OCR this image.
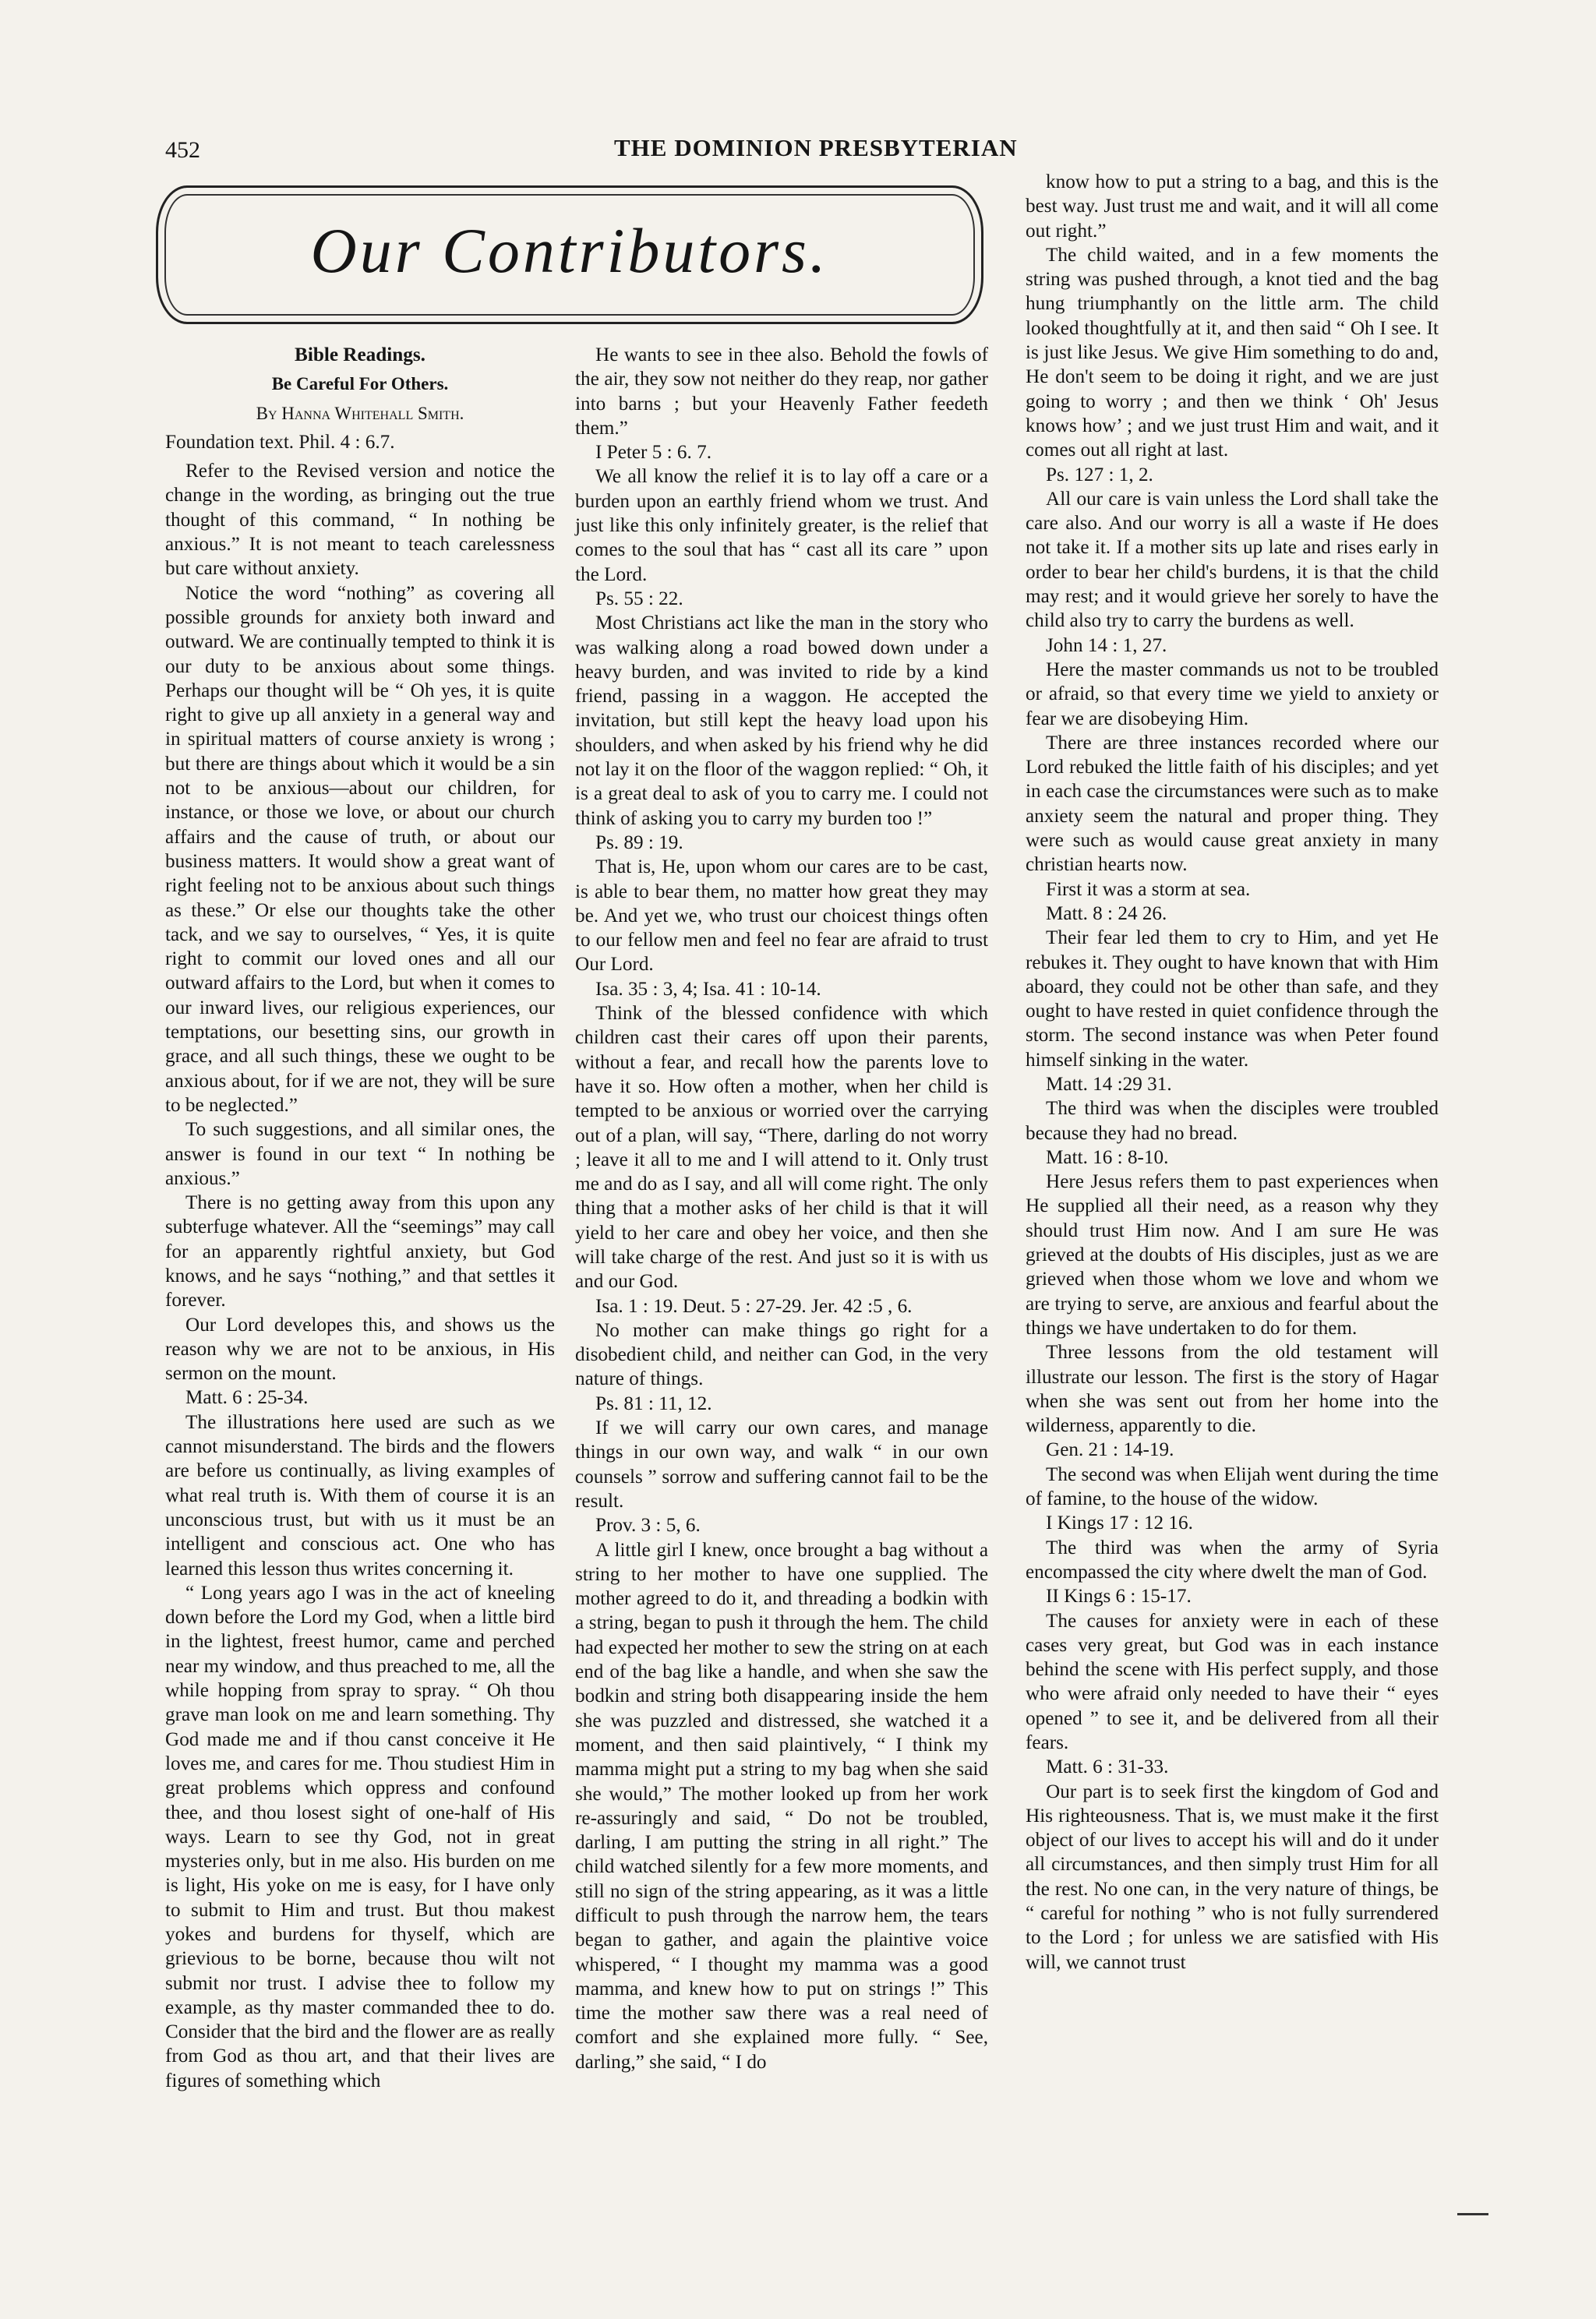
452	THE DOMINION PRESBYTERIAN
Our Contributors.

Bible Readings.

Be Careful For Others.

By Hanna Whitehall Smith.

Foundation text. Phil. 4 : 6.7.

Refer to the Revised version and notice the change in the wording, as bringing out the true thought of this command, “ In nothing be anxious.” It is not meant to teach carelessness but care without anxiety.

Notice the word “nothing” as covering all possible grounds for anxiety both inward and outward. We are continually tempted to think it is our duty to be anxious about some things. Perhaps our thought will be “ Oh yes, it is quite right to give up all anxiety in a general way and in spiritual matters of course anxiety is wrong ; but there are things about which it would be a sin not to be anxious—about our children, for instance, or those we love, or about our church affairs and the cause of truth, or about our business matters. It would show a great want of right feeling not to be anxious about such things as these.” Or else our thoughts take the other tack, and we say to ourselves, “ Yes, it is quite right to commit our loved ones and all our outward affairs to the Lord, but when it comes to our inward lives, our religious experiences, our temptations, our besetting sins, our growth in grace, and all such things, these we ought to be anxious about, for if we are not, they will be sure to be neglected.”

To such suggestions, and all similar ones, the answer is found in our text “ In nothing be anxious.”

There is no getting away from this upon any subterfuge whatever. All the “seemings” may call for an apparently rightful anxiety, but God knows, and he says “nothing,” and that settles it forever.

Our Lord developes this, and shows us the reason why we are not to be anxious, in His sermon on the mount.

Matt. 6 : 25-34.

The illustrations here used are such as we cannot misunderstand. The birds and the flowers are before us continually, as living examples of what real truth is. With them of course it is an unconscious trust, but with us it must be an intelligent and conscious act. One who has learned this lesson thus writes concerning it.

“ Long years ago I was in the act of kneeling down before the Lord my God, when a little bird in the lightest, freest humor, came and perched near my window, and thus preached to me, all the while hopping from spray to spray. “ Oh thou grave man look on me and learn something. Thy God made me and if thou canst conceive it He loves me, and cares for me. Thou studiest Him in great problems which oppress and confound thee, and thou losest sight of one-half of His ways. Learn to see thy God, not in great mysteries only, but in me also. His burden on me is light, His yoke on me is easy, for I have only to submit to Him and trust. But thou makest yokes and burdens for thyself, which are grievious to be borne, because thou wilt not submit nor trust. I advise thee to follow my example, as thy master commanded thee to do. Consider that the bird and the flower are as really from God as thou art, and that their lives are figures of something which

He wants to see in thee also. Behold the fowls of the air, they sow not neither do they reap, nor gather into barns ; but your Heavenly Father feedeth them.”

I Peter 5 : 6. 7.

We all know the relief it is to lay off a care or a burden upon an earthly friend whom we trust. And just like this only infinitely greater, is the relief that comes to the soul that has “ cast all its care ” upon the Lord.

Ps. 55 : 22.

Most Christians act like the man in the story who was walking along a road bowed down under a heavy burden, and was invited to ride by a kind friend, passing in a waggon. He accepted the invitation, but still kept the heavy load upon his shoulders, and when asked by his friend why he did not lay it on the floor of the waggon replied: “ Oh, it is a great deal to ask of you to carry me. I could not think of asking you to carry my burden too !”

Ps. 89 : 19.

That is, He, upon whom our cares are to be cast, is able to bear them, no matter how great they may be. And yet we, who trust our choicest things often to our fellow men and feel no fear are afraid to trust Our Lord.

Isa. 35 : 3, 4; Isa. 41 : 10-14.

Think of the blessed confidence with which children cast their cares off upon their parents, without a fear, and recall how the parents love to have it so. How often a mother, when her child is tempted to be anxious or worried over the carrying out of a plan, will say, “There, darling do not worry ; leave it all to me and I will attend to it. Only trust me and do as I say, and all will come right. The only thing that a mother asks of her child is that it will yield to her care and obey her voice, and then she will take charge of the rest. And just so it is with us and our God.

Isa. 1 : 19. Deut. 5 : 27-29. Jer. 42 :5 , 6.

No mother can make things go right for a disobedient child, and neither can God, in the very nature of things.

Ps. 81 : 11, 12.

If we will carry our own cares, and manage things in our own way, and walk “ in our own counsels ” sorrow and suffering cannot fail to be the result.

Prov. 3 : 5, 6.

A little girl I knew, once brought a bag without a string to her mother to have one supplied. The mother agreed to do it, and threading a bodkin with a string, began to push it through the hem. The child had expected her mother to sew the string on at each end of the bag like a handle, and when she saw the bodkin and string both disappearing inside the hem she was puzzled and distressed, she watched it a moment, and then said plaintively, “ I think my mamma might put a string to my bag when she said she would,” The mother looked up from her work re-assuringly and said, “ Do not be troubled, darling, I am putting the string in all right.” The child watched silently for a few more moments, and still no sign of the string appearing, as it was a little difficult to push through the narrow hem, the tears began to gather, and again the plaintive voice whispered, “ I thought my mamma was a good mamma, and knew how to put on strings !” This time the mother saw there was a real need of comfort and she explained more fully. “ See, darling,” she said, “ I do

know how to put a string to a bag, and this is the best way. Just trust me and wait, and it will all come out right.”

The child waited, and in a few moments the string was pushed through, a knot tied and the bag hung triumphantly on the little arm. The child looked thoughtfully at it, and then said “ Oh I see. It is just like Jesus. We give Him something to do and, He don't seem to be doing it right, and we are just going to worry ; and then we think ‘ Oh' Jesus knows how’ ; and we just trust Him and wait, and it comes out all right at last.

Ps. 127 : 1, 2.

All our care is vain unless the Lord shall take the care also. And our worry is all a waste if He does not take it. If a mother sits up late and rises early in order to bear her child's burdens, it is that the child may rest; and it would grieve her sorely to have the child also try to carry the burdens as well.

John 14 : 1, 27.

Here the master commands us not to be troubled or afraid, so that every time we yield to anxiety or fear we are disobeying Him.

There are three instances recorded where our Lord rebuked the little faith of his disciples; and yet in each case the circumstances were such as to make anxiety seem the natural and proper thing. They were such as would cause great anxiety in many christian hearts now.

First it was a storm at sea.

Matt. 8 : 24 26.

Their fear led them to cry to Him, and yet He rebukes it. They ought to have known that with Him aboard, they could not be other than safe, and they ought to have rested in quiet confidence through the storm. The second instance was when Peter found himself sinking in the water.

Matt. 14 :29 31.

The third was when the disciples were troubled because they had no bread.

Matt. 16 : 8-10.

Here Jesus refers them to past experiences when He supplied all their need, as a reason why they should trust Him now. And I am sure He was grieved at the doubts of His disciples, just as we are grieved when those whom we love and whom we are trying to serve, are anxious and fearful about the things we have undertaken to do for them.

Three lessons from the old testament will illustrate our lesson. The first is the story of Hagar when she was sent out from her home into the wilderness, apparently to die.

Gen. 21 : 14-19.

The second was when Elijah went during the time of famine, to the house of the widow.

I Kings 17 : 12 16.

The third was when the army of Syria encompassed the city where dwelt the man of God.

II Kings 6 : 15-17.

The causes for anxiety were in each of these cases very great, but God was in each instance behind the scene with His perfect supply, and those who were afraid only needed to have their “ eyes opened ” to see it, and be delivered from all their fears.

Matt. 6 : 31-33.

Our part is to seek first the kingdom of God and His righteousness. That is, we must make it the first object of our lives to accept his will and do it under all circumstances, and then simply trust Him for all the rest. No one can, in the very nature of things, be “ careful for nothing ” who is not fully surrendered to the Lord ; for unless we are satisfied with His will, we cannot trust
